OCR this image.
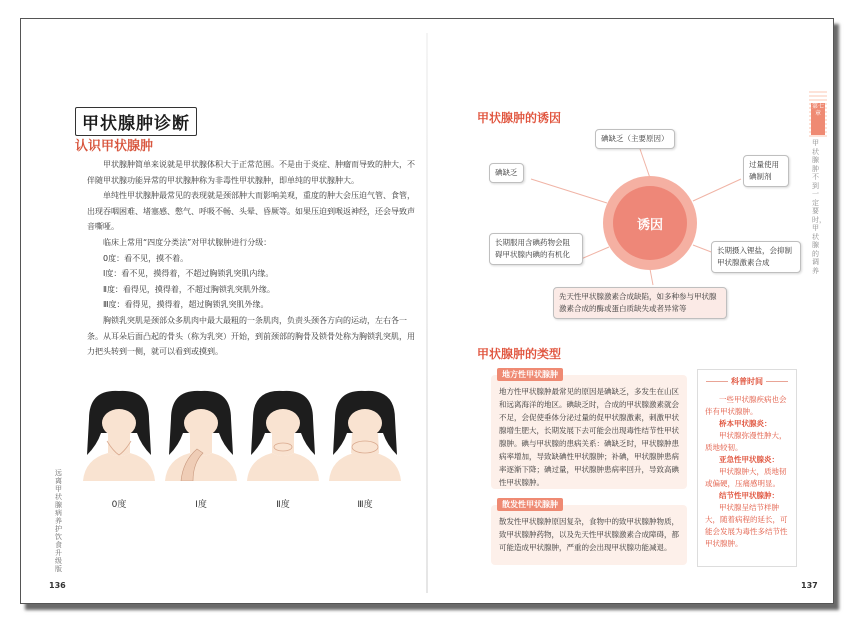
甲状腺肿诊断
认识甲状腺肿

甲状腺肿简单来说就是甲状腺体积大于正常范围。不是由于炎症、肿瘤而导致的肿大，不伴随甲状腺功能异常的甲状腺肿称为非毒性甲状腺肿，即单纯的甲状腺肿大。

单纯性甲状腺肿最常见的表现就是颈部肿大而影响美观，重度的肿大会压迫气管、食管，出现吞咽困难、堵塞感、憋气、呼吸不畅、头晕、昏厥等。如果压迫到喉返神经，还会导致声音嘶哑。

临床上常用“四度分类法”对甲状腺肿进行分级：

0度：看不见，摸不着。

Ⅰ度：看不见，摸得着，不超过胸锁乳突肌内缘。

Ⅱ度：看得见，摸得着，不超过胸锁乳突肌外缘。

Ⅲ度：看得见，摸得着，超过胸锁乳突肌外缘。

胸锁乳突肌是颈部众多肌肉中最大最粗的一条肌肉，负责头颈各方向的运动，左右各一条。从耳朵后面凸起的骨头（称为乳突）开始，到前颈部的胸骨及锁骨处称为胸锁乳突肌，用力把头转到一侧，就可以看到或摸到。

0度	Ⅰ度	Ⅱ度	Ⅲ度
远离甲状腺病 养护饮食升级版
136
第七章
甲状腺肿不到一定要时，甲状腺的调养
甲状腺肿的诱因
诱因
碘缺乏（主要原因）
过量使用碘制剂
碘缺乏
长期服用含碘药物会阻碍甲状腺内碘的有机化	长期摄入锂盐，会抑制甲状腺激素合成
先天性甲状腺激素合成缺陷，如多种参与甲状腺激素合成的酶或蛋白质缺失或者异常等
甲状腺肿的类型
地方性甲状腺肿
地方性甲状腺肿最常见的原因是碘缺乏，多发生在山区和远离海洋的地区。碘缺乏时，合成的甲状腺激素就会不足，会促使垂体分泌过量的促甲状腺激素，刺激甲状腺增生肥大，长期发展下去可能会出现毒性结节性甲状腺肿。碘与甲状腺的患病关系：碘缺乏时，甲状腺肿患病率增加，导致缺碘性甲状腺肿；补碘，甲状腺肿患病率逐渐下降；碘过量，甲状腺肿患病率回升，导致高碘性甲状腺肿。
散发性甲状腺肿
散发性甲状腺肿原因复杂，食物中的致甲状腺肿物质，致甲状腺肿药物，以及先天性甲状腺激素合成障碍，都可能造成甲状腺肿，严重的会出现甲状腺功能减退。
科普时间

一些甲状腺疾病也会伴有甲状腺肿。

桥本甲状腺炎：

甲状腺弥漫性肿大，质地较韧。

亚急性甲状腺炎：

甲状腺肿大，质地韧或偏硬，压痛感明显。

结节性甲状腺肿：

甲状腺呈结节样肿大，随着病程的延长，可能会发展为毒性多结节性甲状腺肿。

137
